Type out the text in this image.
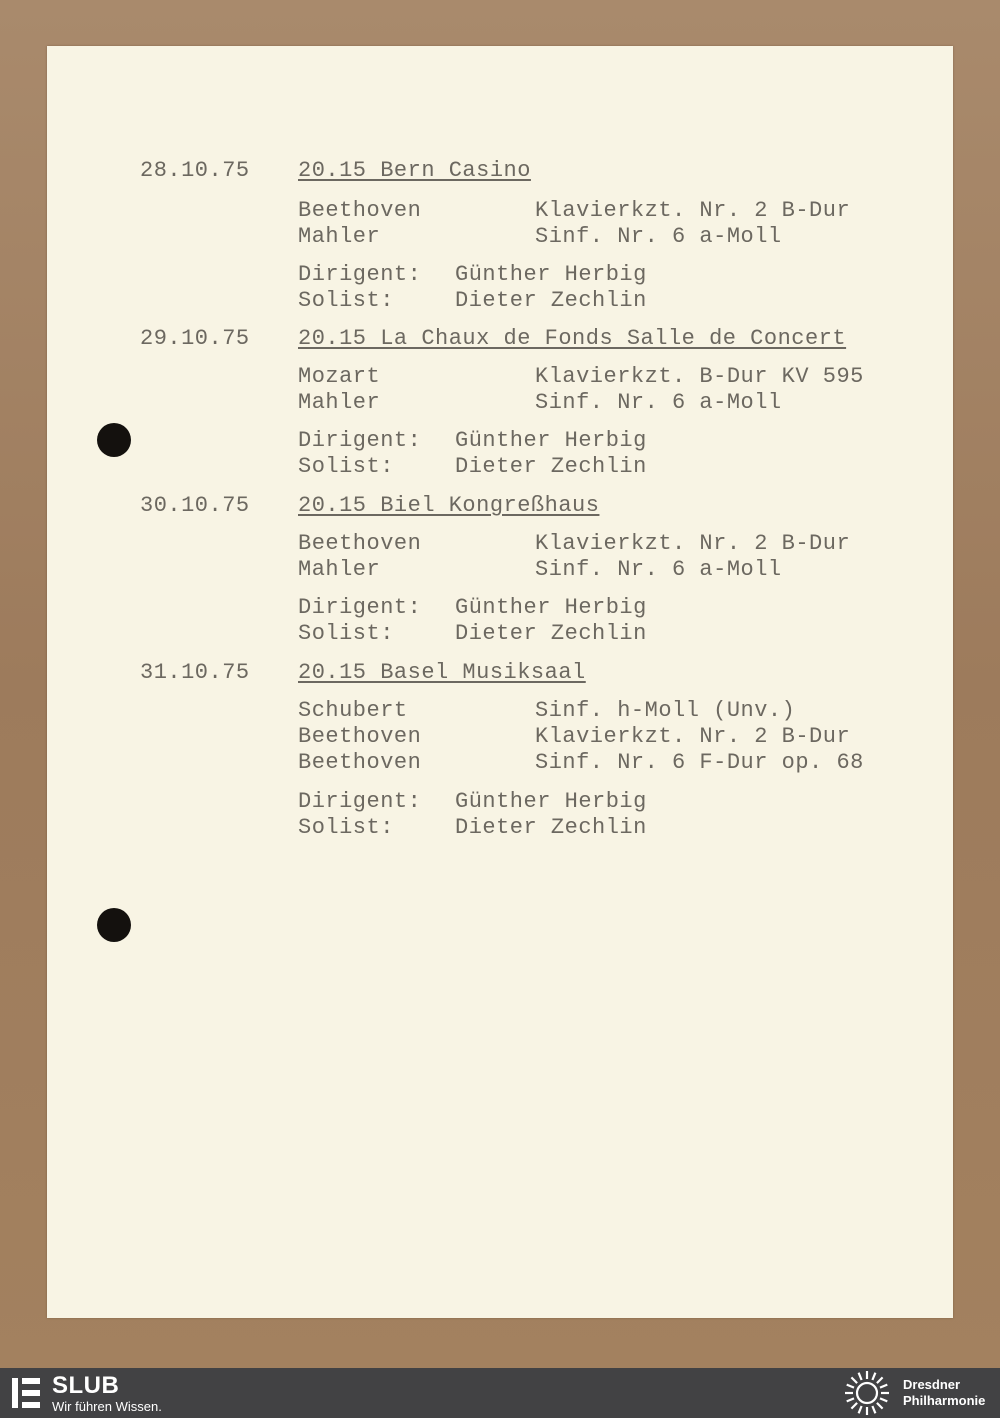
28.10.75 20.15 Bern Casino
Beethoven	Klavierkzt. Nr. 2 B-Dur
Mahler	Sinf. Nr. 6 a-Moll
Dirigent: Günther Herbig
Solist:	Dieter Zechlin
29.10.75 20.15 La Chaux de Fonds Salle de Concert
Mozart	Klavierkzt. B-Dur KV 595
Mahler	Sinf. Nr. 6 a-Moll
Dirigent: Günther Herbig
Solist:	Dieter Zechlin
30.10.75 20.15 Biel Kongreßhaus
Beethoven	Klavierkzt. Nr. 2 B-Dur
Mahler	Sinf. Nr. 6 a-Moll
Dirigent: Günther Herbig
Solist:	Dieter Zechlin
31.10.75 20.15 Basel Musiksaal
Schubert	Sinf. h-Moll (Unv.)
Beethoven	Klavierkzt. Nr. 2 B-Dur
Beethoven	Sinf. Nr. 6 F-Dur op. 68
Dirigent: Günther Herbig
Solist:	Dieter Zechlin
SLUB
Wir führen Wissen.
Dresdner
Philharmonie
